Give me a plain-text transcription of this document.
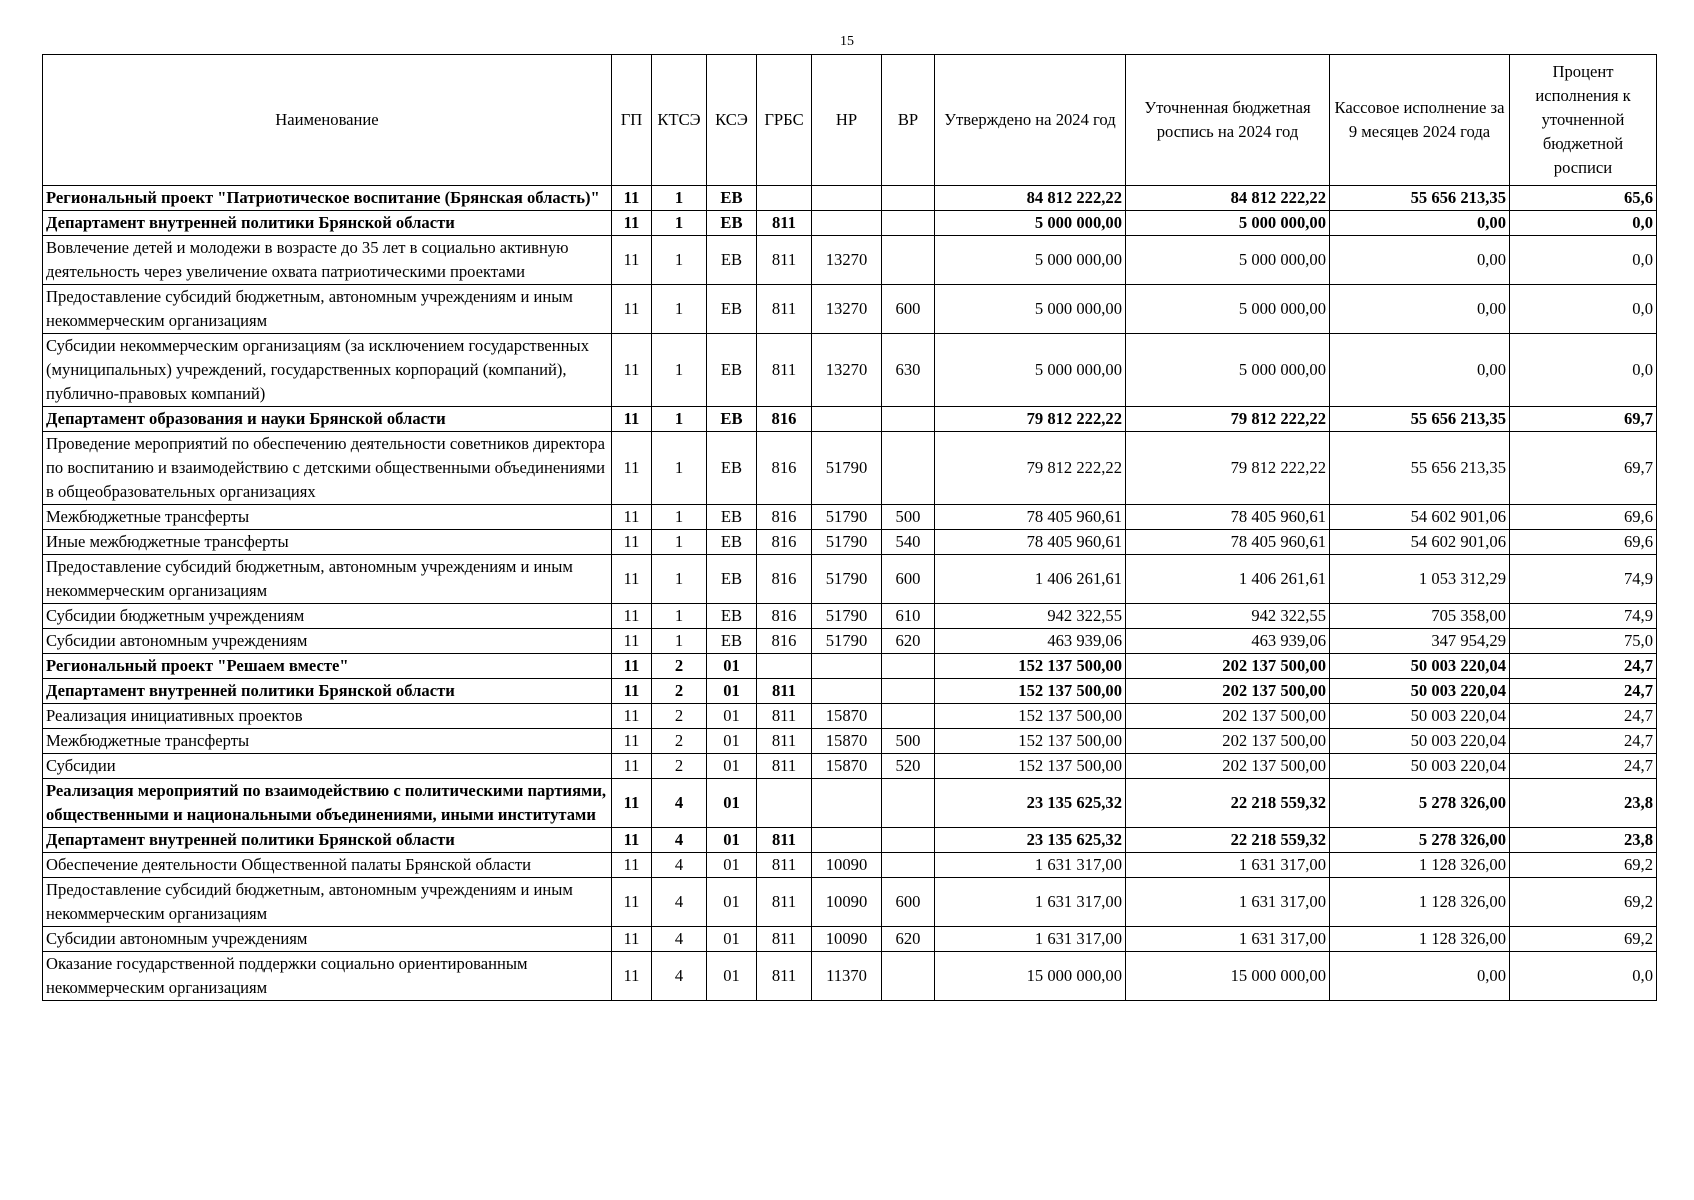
15
Наименование	ГП	КТСЭ	КСЭ	ГРБС	НР	ВР	Утверждено на 2024 год	Уточненная бюджетная роспись на 2024 год	Кассовое исполнение за 9 месяцев 2024 года	Процент исполнения к уточненной бюджетной росписи
Региональный проект "Патриотическое воспитание (Брянская область)"	11	1	ЕВ				84 812 222,22	84 812 222,22	55 656 213,35	65,6
Департамент внутренней политики Брянской области	11	1	ЕВ	811			5 000 000,00	5 000 000,00	0,00	0,0
Вовлечение детей и молодежи в возрасте до 35 лет в социально активную деятельность через увеличение охвата патриотическими проектами	11	1	ЕВ	811	13270		5 000 000,00	5 000 000,00	0,00	0,0
Предоставление субсидий бюджетным, автономным учреждениям и иным некоммерческим организациям	11	1	ЕВ	811	13270	600	5 000 000,00	5 000 000,00	0,00	0,0
Субсидии некоммерческим организациям (за исключением государственных (муниципальных) учреждений, государственных корпораций (компаний), публично-правовых компаний)	11	1	ЕВ	811	13270	630	5 000 000,00	5 000 000,00	0,00	0,0
Департамент образования и науки Брянской области	11	1	ЕВ	816			79 812 222,22	79 812 222,22	55 656 213,35	69,7
Проведение мероприятий по обеспечению деятельности советников директора по воспитанию и взаимодействию с детскими общественными объединениями в общеобразовательных организациях	11	1	ЕВ	816	51790		79 812 222,22	79 812 222,22	55 656 213,35	69,7
Межбюджетные трансферты	11	1	ЕВ	816	51790	500	78 405 960,61	78 405 960,61	54 602 901,06	69,6
Иные межбюджетные трансферты	11	1	ЕВ	816	51790	540	78 405 960,61	78 405 960,61	54 602 901,06	69,6
Предоставление субсидий бюджетным, автономным учреждениям и иным некоммерческим организациям	11	1	ЕВ	816	51790	600	1 406 261,61	1 406 261,61	1 053 312,29	74,9
Субсидии бюджетным учреждениям	11	1	ЕВ	816	51790	610	942 322,55	942 322,55	705 358,00	74,9
Субсидии автономным учреждениям	11	1	ЕВ	816	51790	620	463 939,06	463 939,06	347 954,29	75,0
Региональный проект "Решаем вместе"	11	2	01				152 137 500,00	202 137 500,00	50 003 220,04	24,7
Департамент внутренней политики Брянской области	11	2	01	811			152 137 500,00	202 137 500,00	50 003 220,04	24,7
Реализация инициативных проектов	11	2	01	811	15870		152 137 500,00	202 137 500,00	50 003 220,04	24,7
Межбюджетные трансферты	11	2	01	811	15870	500	152 137 500,00	202 137 500,00	50 003 220,04	24,7
Субсидии	11	2	01	811	15870	520	152 137 500,00	202 137 500,00	50 003 220,04	24,7
Реализация мероприятий по взаимодействию с политическими партиями, общественными и национальными объединениями, иными институтами	11	4	01				23 135 625,32	22 218 559,32	5 278 326,00	23,8
Департамент внутренней политики Брянской области	11	4	01	811			23 135 625,32	22 218 559,32	5 278 326,00	23,8
Обеспечение деятельности Общественной палаты Брянской области	11	4	01	811	10090		1 631 317,00	1 631 317,00	1 128 326,00	69,2
Предоставление субсидий бюджетным, автономным учреждениям и иным некоммерческим организациям	11	4	01	811	10090	600	1 631 317,00	1 631 317,00	1 128 326,00	69,2
Субсидии автономным учреждениям	11	4	01	811	10090	620	1 631 317,00	1 631 317,00	1 128 326,00	69,2
Оказание государственной поддержки социально ориентированным некоммерческим организациям	11	4	01	811	11370		15 000 000,00	15 000 000,00	0,00	0,0
